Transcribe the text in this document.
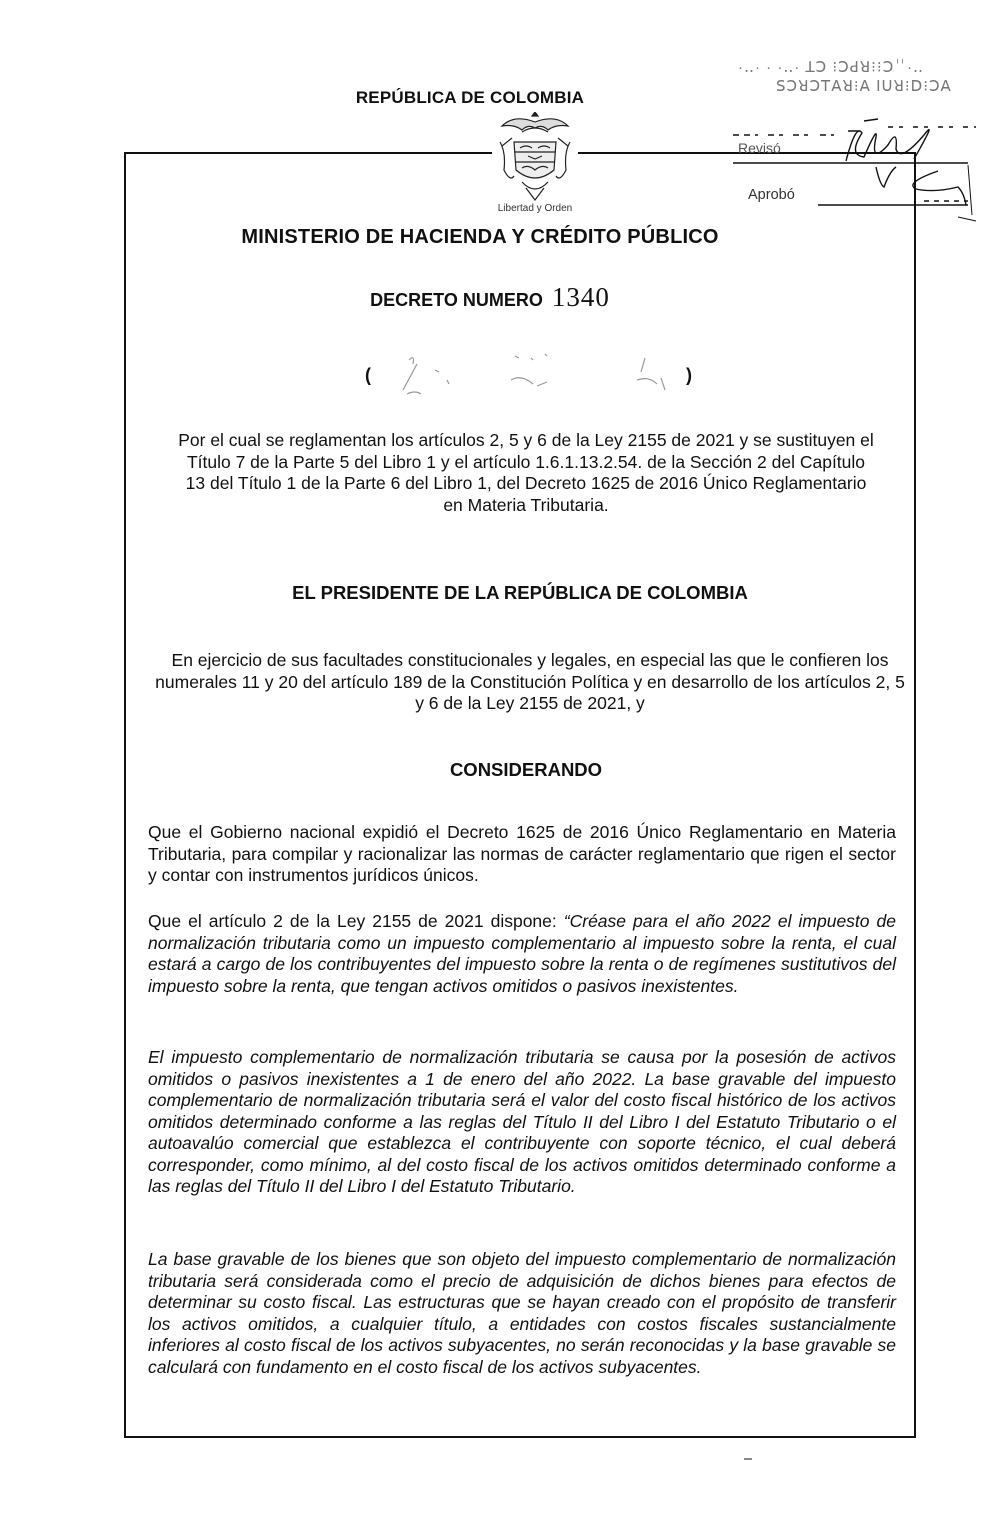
REPÚBLICA DE COLOMBIA
·‥· · ·‥· ꓕꓛ ⁝ꓛꓒꓤ⁝⁝ꓛ꓆·‥
ꓢꓛꓤꓛꓔꓮꓤ⁝ꓮ ꓲꓴꓤ⁝ꓓ⁝ꓛꓮ
Libertad y Orden
Revisó
Aprobó
MINISTERIO DE HACIENDA Y CRÉDITO PÚBLICO
DECRETO NUMERO 1340
(	)
Por el cual se reglamentan los artículos 2, 5 y 6 de la Ley 2155 de 2021 y se sustituyen el Título 7 de la Parte 5 del Libro 1 y el artículo 1.6.1.13.2.54. de la Sección 2 del Capítulo 13 del Título 1 de la Parte 6 del Libro 1, del Decreto 1625 de 2016 Único Reglamentario en Materia Tributaria.
EL PRESIDENTE DE LA REPÚBLICA DE COLOMBIA
En ejercicio de sus facultades constitucionales y legales, en especial las que le confieren los numerales 11 y 20 del artículo 189 de la Constitución Política y en desarrollo de los artículos 2, 5 y 6 de la Ley 2155 de 2021, y
CONSIDERANDO
Que el Gobierno nacional expidió el Decreto 1625 de 2016 Único Reglamentario en Materia Tributaria, para compilar y racionalizar las normas de carácter reglamentario que rigen el sector y contar con instrumentos jurídicos únicos.
Que el artículo 2 de la Ley 2155 de 2021 dispone: “Créase para el año 2022 el impuesto de normalización tributaria como un impuesto complementario al impuesto sobre la renta, el cual estará a cargo de los contribuyentes del impuesto sobre la renta o de regímenes sustitutivos del impuesto sobre la renta, que tengan activos omitidos o pasivos inexistentes.
El impuesto complementario de normalización tributaria se causa por la posesión de activos omitidos o pasivos inexistentes a 1 de enero del año 2022. La base gravable del impuesto complementario de normalización tributaria será el valor del costo fiscal histórico de los activos omitidos determinado conforme a las reglas del Título II del Libro I del Estatuto Tributario o el autoavalúo comercial que establezca el contribuyente con soporte técnico, el cual deberá corresponder, como mínimo, al del costo fiscal de los activos omitidos determinado conforme a las reglas del Título II del Libro I del Estatuto Tributario.
La base gravable de los bienes que son objeto del impuesto complementario de normalización tributaria será considerada como el precio de adquisición de dichos bienes para efectos de determinar su costo fiscal. Las estructuras que se hayan creado con el propósito de transferir los activos omitidos, a cualquier título, a entidades con costos fiscales sustancialmente inferiores al costo fiscal de los activos subyacentes, no serán reconocidas y la base gravable se calculará con fundamento en el costo fiscal de los activos subyacentes.
